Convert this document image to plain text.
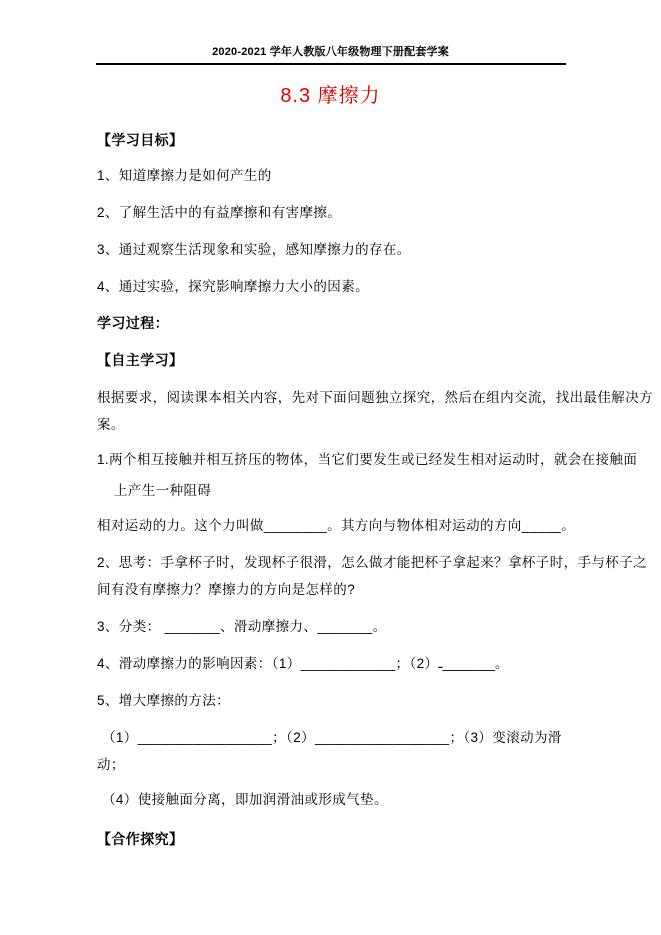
2020-2021 学年人教版八年级物理下册配套学案
8.3 摩擦力
【学习目标】
1、知道摩擦力是如何产生的
2、了解生活中的有益摩擦和有害摩擦。
3、通过观察生活现象和实验，感知摩擦力的存在。
4、通过实验，探究影响摩擦力大小的因素。
学习过程：
【自主学习】
根据要求，阅读课本相关内容，先对下面问题独立探究，然后在组内交流，找出最佳解决方
案。
1.两个相互接触并相互挤压的物体，当它们要发生或已经发生相对运动时，就会在接触面
上产生一种阻碍
相对运动的力。这个力叫做________。其方向与物体相对运动的方向_____。
2、思考：手拿杯子时，发现杯子很滑，怎么做才能把杯子拿起来？拿杯子时，手与杯子之
间有没有摩擦力？摩擦力的方向是怎样的?
3、分类： _______、滑动摩擦力、_______。
4、滑动摩擦力的影响因素：（1）____________；（2）ـ_______。
5、增大摩擦的方法：
（1）_________________；（2）_________________；（3）变滚动为滑
动；
（4）使接触面分离，即加润滑油或形成气垫。
【合作探究】
